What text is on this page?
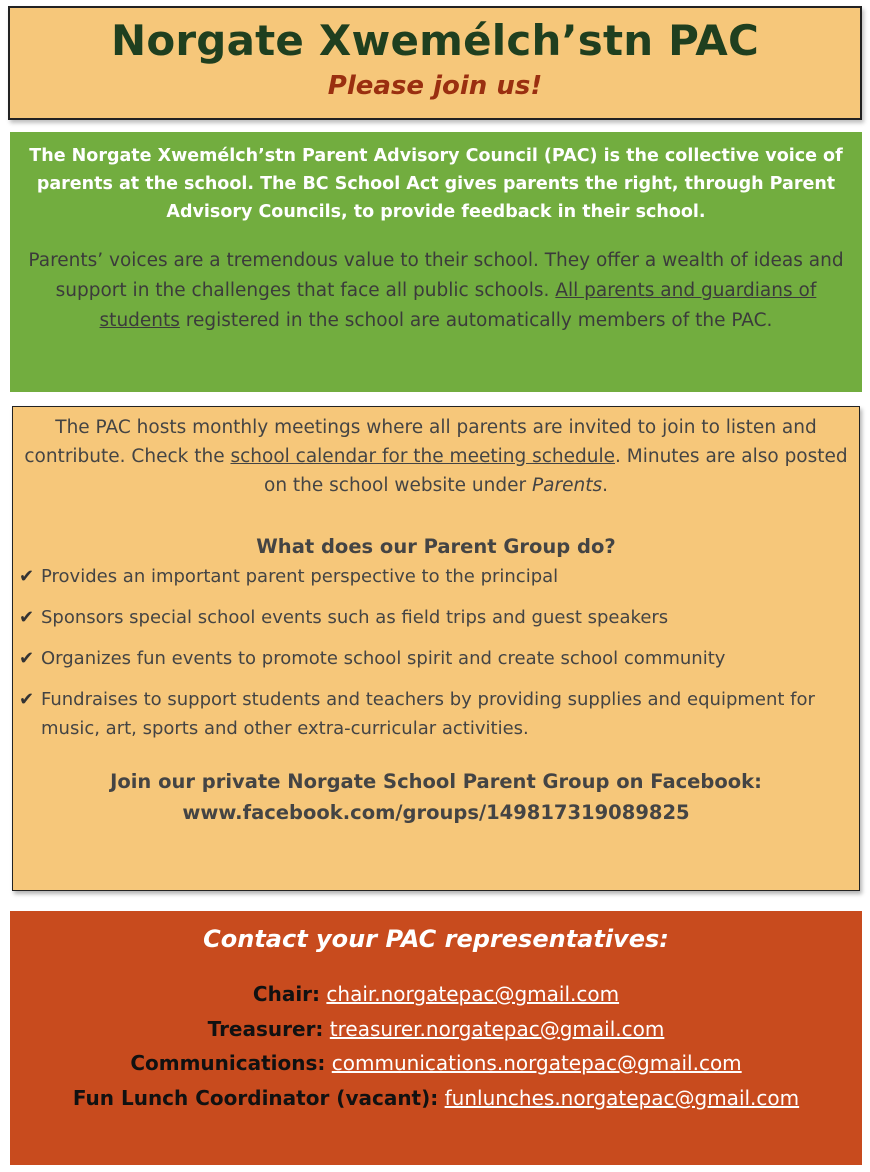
Norgate Xwemélch’stn PAC
Please join us!

The Norgate Xwemélch’stn Parent Advisory Council (PAC) is the collective voice of parents at the school. The BC School Act gives parents the right, through Parent Advisory Councils, to provide feedback in their school.

Parents’ voices are a tremendous value to their school. They offer a wealth of ideas and support in the challenges that face all public schools. All parents and guardians of students registered in the school are automatically members of the PAC.

The PAC hosts monthly meetings where all parents are invited to join to listen and contribute. Check the school calendar for the meeting schedule. Minutes are also posted on the school website under Parents.

What does our Parent Group do?
✔ Provides an important parent perspective to the principal
✔ Sponsors special school events such as field trips and guest speakers
✔ Organizes fun events to promote school spirit and create school community
✔ Fundraises to support students and teachers by providing supplies and equipment for music, art, sports and other extra-curricular activities.
Join our private Norgate School Parent Group on Facebook:
www.facebook.com/groups/149817319089825
Contact your PAC representatives:
Chair: chair.norgatepac@gmail.com
Treasurer: treasurer.norgatepac@gmail.com
Communications: communications.norgatepac@gmail.com
Fun Lunch Coordinator (vacant): funlunches.norgatepac@gmail.com
